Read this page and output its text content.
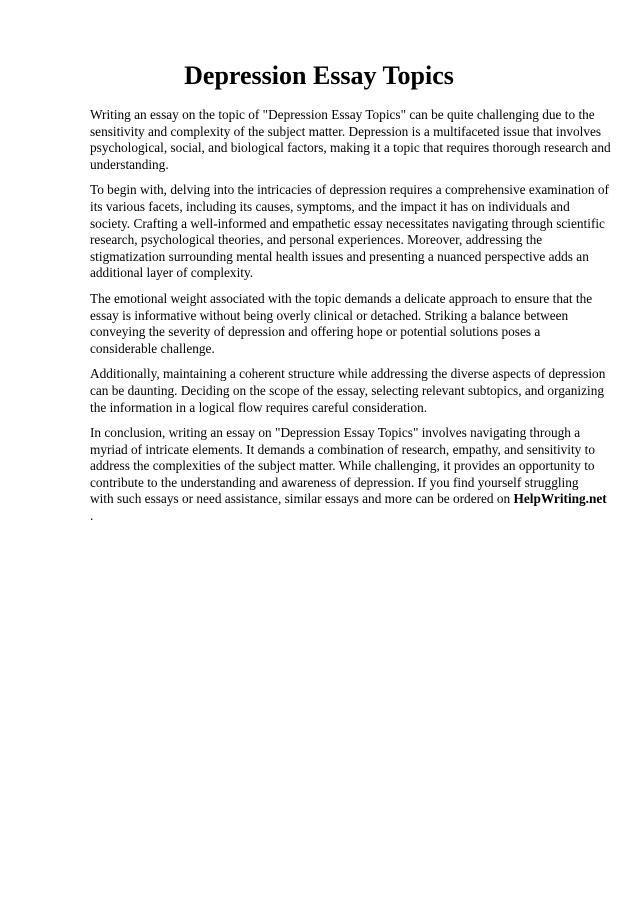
Depression Essay Topics

Writing an essay on the topic of "Depression Essay Topics" can be quite challenging due to the
sensitivity and complexity of the subject matter. Depression is a multifaceted issue that involves
psychological, social, and biological factors, making it a topic that requires thorough research and
understanding.

To begin with, delving into the intricacies of depression requires a comprehensive examination of
its various facets, including its causes, symptoms, and the impact it has on individuals and
society. Crafting a well-informed and empathetic essay necessitates navigating through scientific
research, psychological theories, and personal experiences. Moreover, addressing the
stigmatization surrounding mental health issues and presenting a nuanced perspective adds an
additional layer of complexity.

The emotional weight associated with the topic demands a delicate approach to ensure that the
essay is informative without being overly clinical or detached. Striking a balance between
conveying the severity of depression and offering hope or potential solutions poses a
considerable challenge.

Additionally, maintaining a coherent structure while addressing the diverse aspects of depression
can be daunting. Deciding on the scope of the essay, selecting relevant subtopics, and organizing
the information in a logical flow requires careful consideration.

In conclusion, writing an essay on "Depression Essay Topics" involves navigating through a
myriad of intricate elements. It demands a combination of research, empathy, and sensitivity to
address the complexities of the subject matter. While challenging, it provides an opportunity to
contribute to the understanding and awareness of depression. If you find yourself struggling
with such essays or need assistance, similar essays and more can be ordered on HelpWriting.net
.
